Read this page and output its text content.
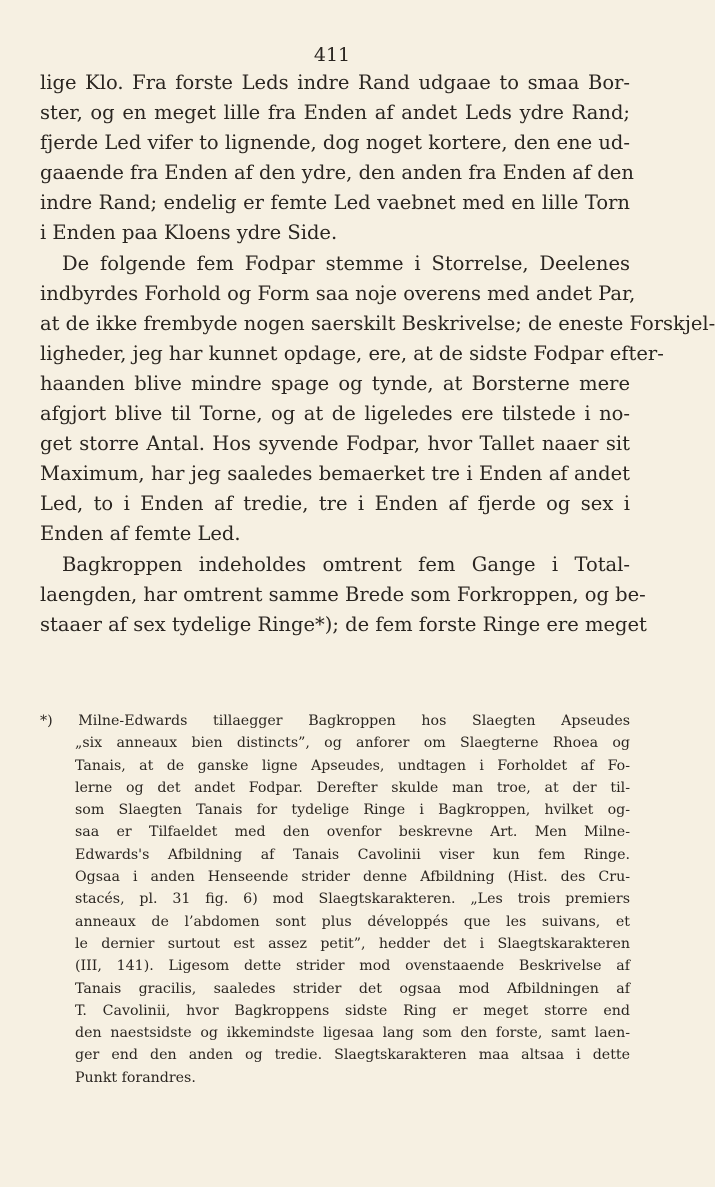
411
lige Klo. Fra forste Leds indre Rand udgaae to smaa Bor-
ster, og en meget lille fra Enden af andet Leds ydre Rand;
fjerde Led vifer to lignende, dog noget kortere, den ene ud-
gaaende fra Enden af den ydre, den anden fra Enden af den
indre Rand; endelig er femte Led vaebnet med en lille Torn
i Enden paa Kloens ydre Side.
De folgende fem Fodpar stemme i Storrelse, Deelenes
indbyrdes Forhold og Form saa noje overens med andet Par,
at de ikke frembyde nogen saerskilt Beskrivelse; de eneste Forskjel-
ligheder, jeg har kunnet opdage, ere, at de sidste Fodpar efter-
haanden blive mindre spage og tynde, at Borsterne mere
afgjort blive til Torne, og at de ligeledes ere tilstede i no-
get storre Antal. Hos syvende Fodpar, hvor Tallet naaer sit
Maximum, har jeg saaledes bemaerket tre i Enden af andet
Led, to i Enden af tredie, tre i Enden af fjerde og sex i
Enden af femte Led.
Bagkroppen indeholdes omtrent fem Gange i Total-
laengden, har omtrent samme Brede som Forkroppen, og be-
staaer af sex tydelige Ringe*); de fem forste Ringe ere meget
*) Milne-Edwards tillaegger Bagkroppen hos Slaegten Apseudes
„six anneaux bien distincts”, og anforer om Slaegterne Rhoea og
Tanais, at de ganske ligne Apseudes, undtagen i Forholdet af Fo-
lerne og det andet Fodpar. Derefter skulde man troe, at der til-
som Slaegten Tanais for tydelige Ringe i Bagkroppen, hvilket og-
saa er Tilfaeldet med den ovenfor beskrevne Art. Men Milne-
Edwards's Afbildning af Tanais Cavolinii viser kun fem Ringe.
Ogsaa i anden Henseende strider denne Afbildning (Hist. des Cru-
stacés, pl. 31 fig. 6) mod Slaegtskarakteren. „Les trois premiers
anneaux de l’abdomen sont plus développés que les suivans, et
le dernier surtout est assez petit”, hedder det i Slaegtskarakteren
(III, 141). Ligesom dette strider mod ovenstaaende Beskrivelse af
Tanais gracilis, saaledes strider det ogsaa mod Afbildningen af
T. Cavolinii, hvor Bagkroppens sidste Ring er meget storre end
den naestsidste og ikkemindste ligesaa lang som den forste, samt laen-
ger end den anden og tredie. Slaegtskarakteren maa altsaa i dette
Punkt forandres.
